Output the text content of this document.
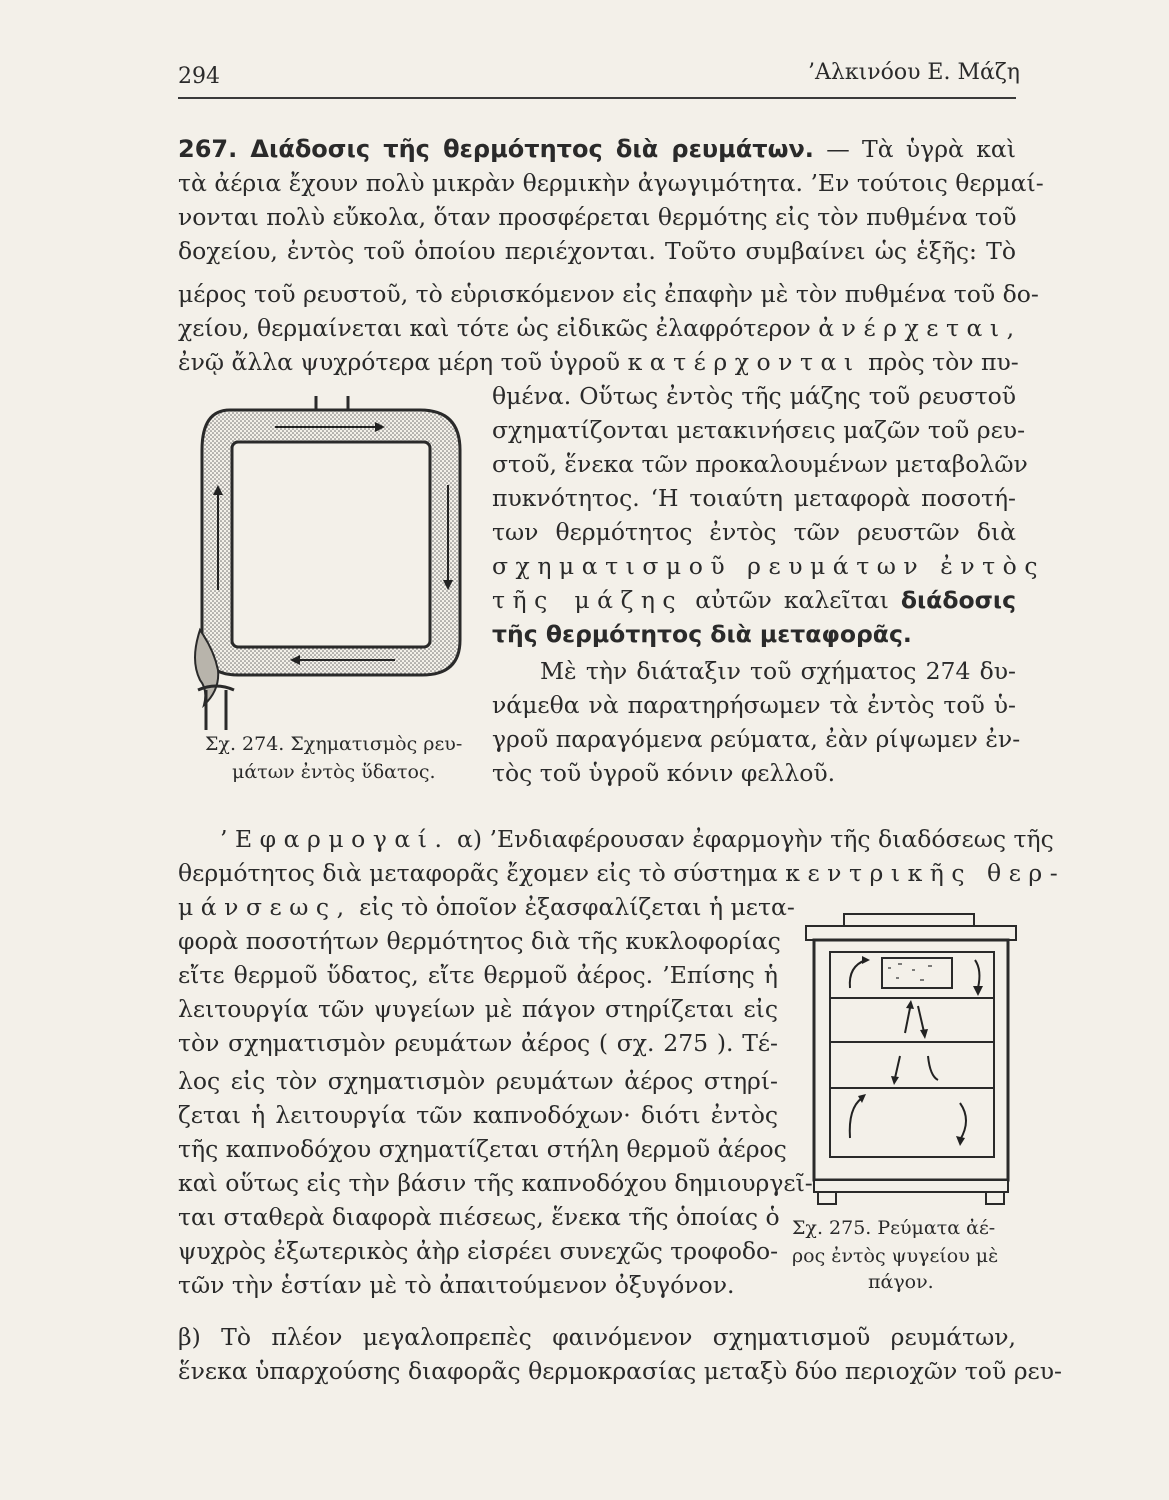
294	’Αλκινόου Ε. Μάζη
267. Διάδοσις τῆς θερμότητος διὰ ρευμάτων. — Τὰ ὑγρὰ καὶ
τὰ ἀέρια ἔχουν πολὺ μικρὰν θερμικὴν ἀγωγιμότητα. ’Εν τούτοις θερμαί-
νονται πολὺ εὔκολα, ὅταν προσφέρεται θερμότης εἰς τὸν πυθμένα τοῦ
δοχείου, ἐντὸς τοῦ ὁποίου περιέχονται. Τοῦτο συμβαίνει ὡς ἑξῆς: Τὸ
μέρος τοῦ ρευστοῦ, τὸ εὑρισκόμενον εἰς ἐπαφὴν μὲ τὸν πυθμένα τοῦ δο-
χείου, θερμαίνεται καὶ τότε ὡς εἰδικῶς ἐλαφρότερον ἀνέρχεται,
ἐνῷ ἄλλα ψυχρότερα μέρη τοῦ ὑγροῦ κατέρχονται πρὸς τὸν πυ-
θμένα. Οὕτως ἐντὸς τῆς μάζης τοῦ ρευστοῦ
σχηματίζονται μετακινήσεις μαζῶν τοῦ ρευ-
στοῦ, ἕνεκα τῶν προκαλουμένων μεταβολῶν
πυκνότητος. ‘Η τοιαύτη μεταφορὰ ποσοτή-
των θερμότητος ἐντὸς τῶν ρευστῶν διὰ
σχηματισμοῦ ρευμάτων ἐντὸς
τῆς μάζης αὐτῶν καλεῖται διάδοσις
τῆς θερμότητος διὰ μεταφορᾶς.
Μὲ τὴν διάταξιν τοῦ σχήματος 274 δυ-
νάμεθα νὰ παρατηρήσωμεν τὰ ἐντὸς τοῦ ὑ-
γροῦ παραγόμενα ρεύματα, ἐὰν ρίψωμεν ἐν-
τὸς τοῦ ὑγροῦ κόνιν φελλοῦ.
Σχ. 274. Σχηματισμὸς ρευ-
μάτων ἐντὸς ὕδατος.
’Εφαρμογαί. α) ’Ενδιαφέρουσαν ἐφαρμογὴν τῆς διαδόσεως τῆς
θερμότητος διὰ μεταφορᾶς ἔχομεν εἰς τὸ σύστημα κεντρικῆς θερ-
μάνσεως, εἰς τὸ ὁποῖον ἐξασφαλίζεται ἡ μετα-
φορὰ ποσοτήτων θερμότητος διὰ τῆς κυκλοφορίας
εἴτε θερμοῦ ὕδατος, εἴτε θερμοῦ ἀέρος. ’Επίσης ἡ
λειτουργία τῶν ψυγείων μὲ πάγον στηρίζεται εἰς
τὸν σχηματισμὸν ρευμάτων ἀέρος ( σχ. 275 ). Τέ-
λος εἰς τὸν σχηματισμὸν ρευμάτων ἀέρος στηρί-
ζεται ἡ λειτουργία τῶν καπνοδόχων· διότι ἐντὸς
τῆς καπνοδόχου σχηματίζεται στήλη θερμοῦ ἀέρος
καὶ οὕτως εἰς τὴν βάσιν τῆς καπνοδόχου δημιουργεῖ-
ται σταθερὰ διαφορὰ πιέσεως, ἕνεκα τῆς ὁποίας ὁ
ψυχρὸς ἐξωτερικὸς ἀὴρ εἰσρέει συνεχῶς τροφοδο-
τῶν τὴν ἑστίαν μὲ τὸ ἀπαιτούμενον ὀξυγόνον.
Σχ. 275. Ρεύματα ἀέ-
ρος ἐντὸς ψυγείου μὲ
πάγον.
β) Τὸ πλέον μεγαλοπρεπὲς φαινόμενον σχηματισμοῦ ρευμάτων,
ἕνεκα ὑπαρχούσης διαφορᾶς θερμοκρασίας μεταξὺ δύο περιοχῶν τοῦ ρευ-
